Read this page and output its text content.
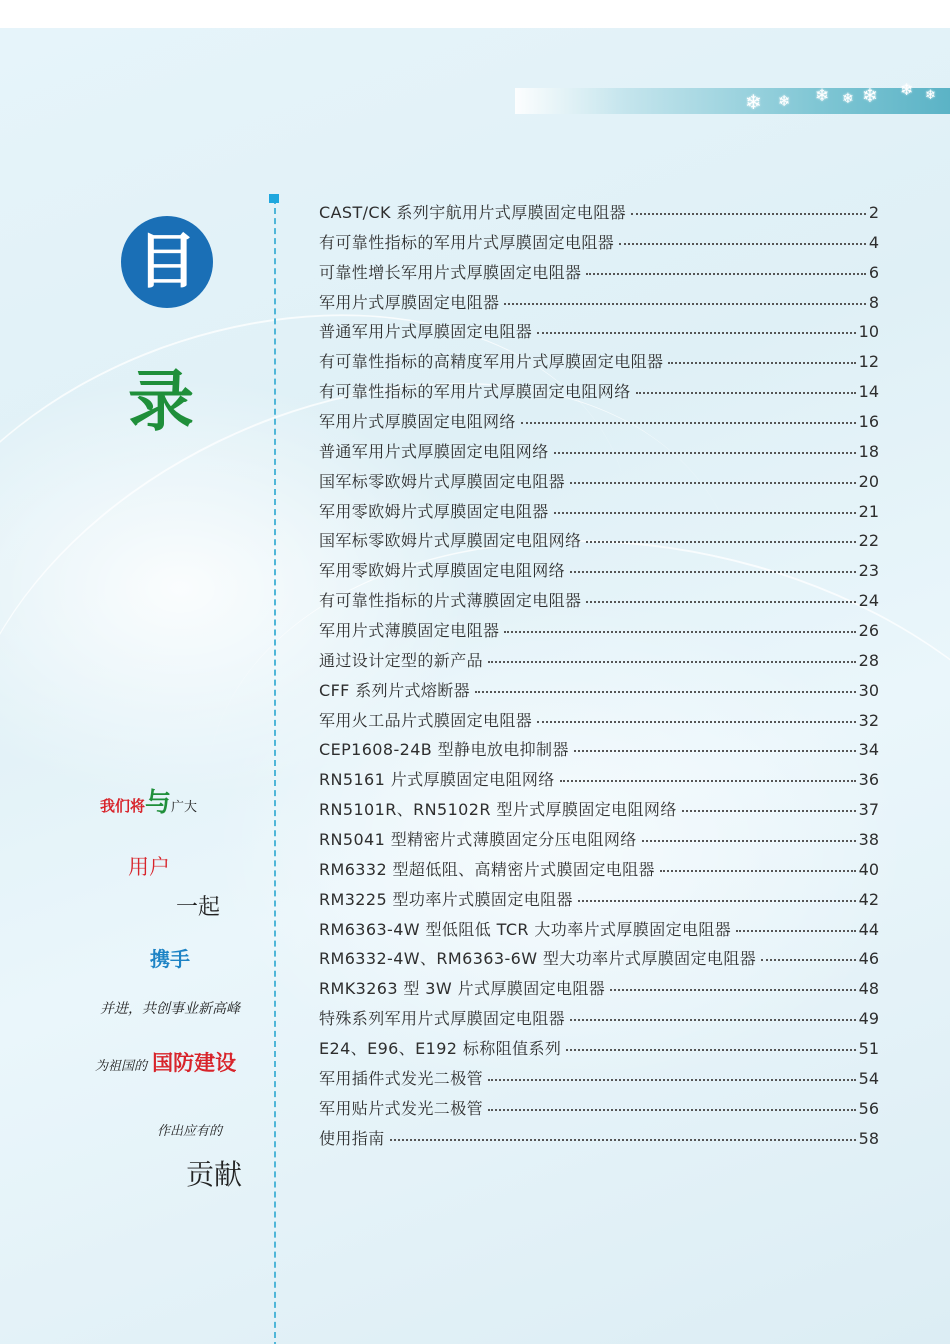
❄ ❄ ❄ ❄ ❄ ❄ ❄
目
录
我们将与广大
用户
一起
携手
并进，共创事业新高峰
为祖国的 国防建设
作出应有的
贡献
CAST/CK 系列宇航用片式厚膜固定电阻器	2
有可靠性指标的军用片式厚膜固定电阻器	4
可靠性增长军用片式厚膜固定电阻器	6
军用片式厚膜固定电阻器	8
普通军用片式厚膜固定电阻器	10
有可靠性指标的高精度军用片式厚膜固定电阻器	12
有可靠性指标的军用片式厚膜固定电阻网络	14
军用片式厚膜固定电阻网络	16
普通军用片式厚膜固定电阻网络	18
国军标零欧姆片式厚膜固定电阻器	20
军用零欧姆片式厚膜固定电阻器	21
国军标零欧姆片式厚膜固定电阻网络	22
军用零欧姆片式厚膜固定电阻网络	23
有可靠性指标的片式薄膜固定电阻器	24
军用片式薄膜固定电阻器	26
通过设计定型的新产品	28
CFF 系列片式熔断器	30
军用火工品片式膜固定电阻器	32
CEP1608-24B 型静电放电抑制器	34
RN5161 片式厚膜固定电阻网络	36
RN5101R、RN5102R 型片式厚膜固定电阻网络	37
RN5041 型精密片式薄膜固定分压电阻网络	38
RM6332 型超低阻、高精密片式膜固定电阻器	40
RM3225 型功率片式膜固定电阻器	42
RM6363-4W 型低阻低 TCR 大功率片式厚膜固定电阻器	44
RM6332-4W、RM6363-6W 型大功率片式厚膜固定电阻器	46
RMK3263 型 3W 片式厚膜固定电阻器	48
特殊系列军用片式厚膜固定电阻器	49
E24、E96、E192 标称阻值系列	51
军用插件式发光二极管	54
军用贴片式发光二极管	56
使用指南	58
